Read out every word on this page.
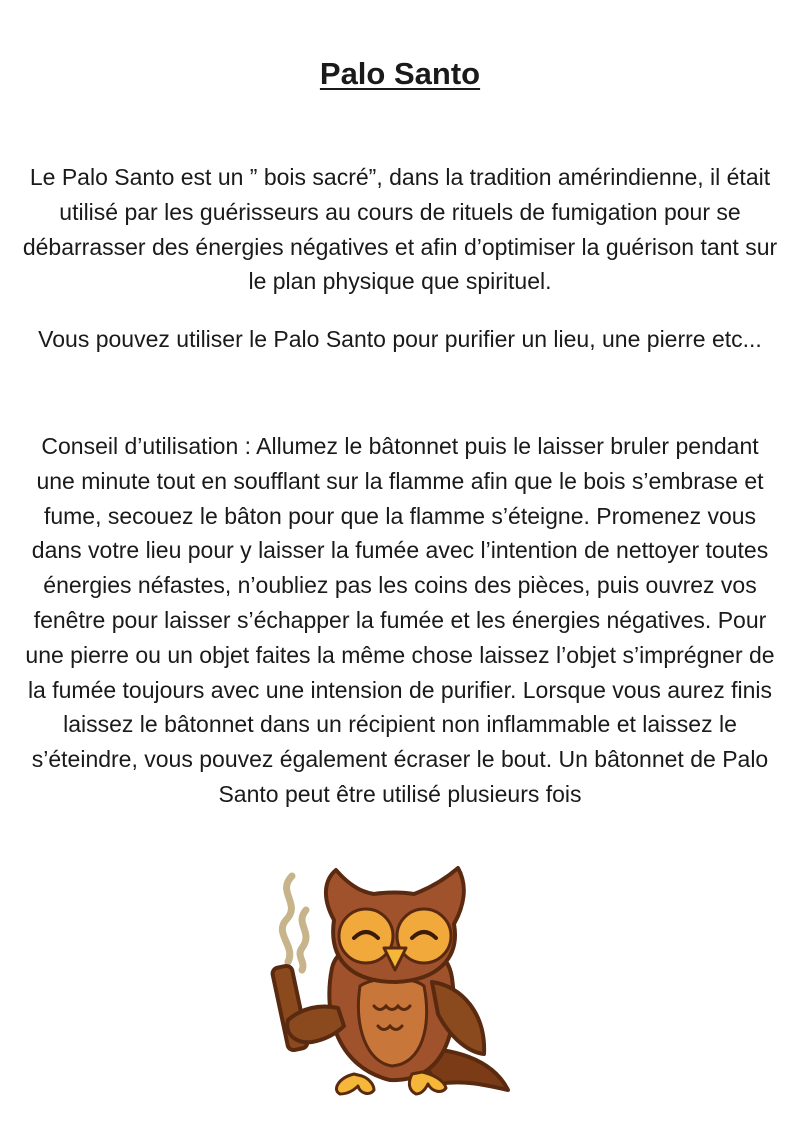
Palo Santo

Le Palo Santo est un ” bois sacré”, dans la tradition amérindienne, il était utilisé par les guérisseurs au cours de rituels de fumigation pour se débarrasser des énergies négatives et afin d’optimiser la guérison tant sur le plan physique que spirituel.

Vous pouvez utiliser le Palo Santo pour purifier un lieu, une pierre etc...

Conseil d’utilisation : Allumez le bâtonnet puis le laisser bruler pendant une minute tout en soufflant sur la flamme afin que le bois s’embrase et fume, secouez le bâton pour que la flamme s’éteigne. Promenez vous dans votre lieu pour y laisser la fumée avec l’intention de nettoyer toutes énergies néfastes, n’oubliez pas les coins des pièces, puis ouvrez vos fenêtre pour laisser s’échapper la fumée et les énergies négatives. Pour une pierre ou un objet faites la même chose laissez l’objet s’imprégner de la fumée toujours avec une intension de purifier. Lorsque vous aurez finis laissez le bâtonnet dans un récipient non inflammable et laissez le s’éteindre, vous pouvez également écraser le bout. Un bâtonnet de Palo Santo peut être utilisé plusieurs fois
